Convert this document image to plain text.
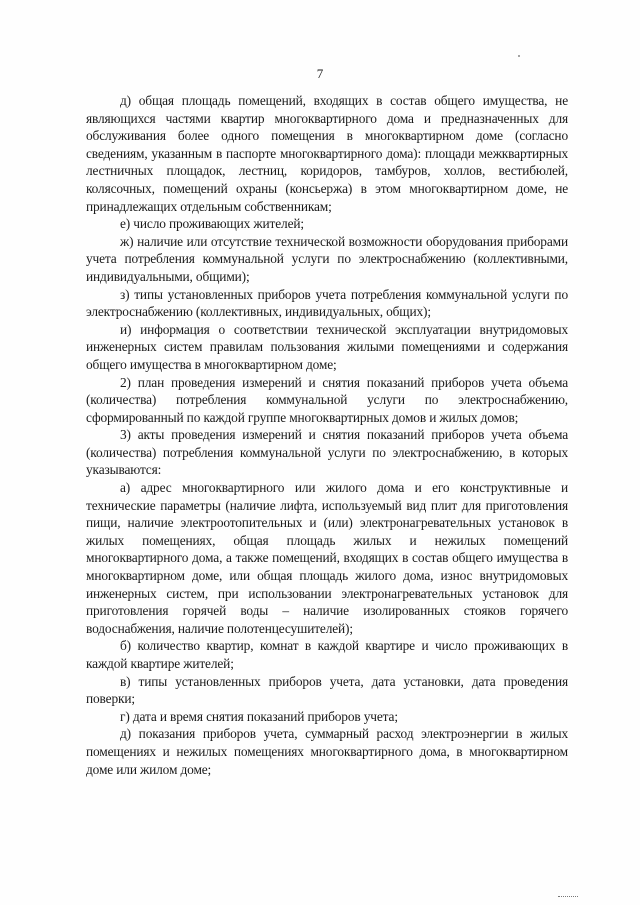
7

д) общая площадь помещений, входящих в состав общего имущества, не являющихся частями квартир многоквартирного дома и предназначенных для обслуживания более одного помещения в многоквартирном доме (согласно сведениям, указанным в паспорте многоквартирного дома): площади межквартирных лестничных площадок, лестниц, коридоров, тамбуров, холлов, вестибюлей, колясочных, помещений охраны (консьержа) в этом многоквартирном доме, не принадлежащих отдельным собственникам;

е) число проживающих жителей;

ж) наличие или отсутствие технической возможности оборудования приборами учета потребления коммунальной услуги по электроснабжению (коллективными, индивидуальными, общими);

з) типы установленных приборов учета потребления коммунальной услуги по электроснабжению (коллективных, индивидуальных, общих);

и) информация о соответствии технической эксплуатации внутридомовых инженерных систем правилам пользования жилыми помещениями и содержания общего имущества в многоквартирном доме;

2) план проведения измерений и снятия показаний приборов учета объема (количества) потребления коммунальной услуги по электроснабжению, сформированный по каждой группе многоквартирных домов и жилых домов;

3) акты проведения измерений и снятия показаний приборов учета объема (количества) потребления коммунальной услуги по электроснабжению, в которых указываются:

а) адрес многоквартирного или жилого дома и его конструктивные и технические параметры (наличие лифта, используемый вид плит для приготовления пищи, наличие электроотопительных и (или) электронагревательных установок в жилых помещениях, общая площадь жилых и нежилых помещений многоквартирного дома, а также помещений, входящих в состав общего имущества в многоквартирном доме, или общая площадь жилого дома, износ внутридомовых инженерных систем, при использовании электронагревательных установок для приготовления горячей воды – наличие изолированных стояков горячего водоснабжения, наличие полотенцесушителей);

б) количество квартир, комнат в каждой квартире и число проживающих в каждой квартире жителей;

в) типы установленных приборов учета, дата установки, дата проведения поверки;

г) дата и время снятия показаний приборов учета;

д) показания приборов учета, суммарный расход электроэнергии в жилых помещениях и нежилых помещениях многоквартирного дома, в многоквартирном доме или жилом доме;
